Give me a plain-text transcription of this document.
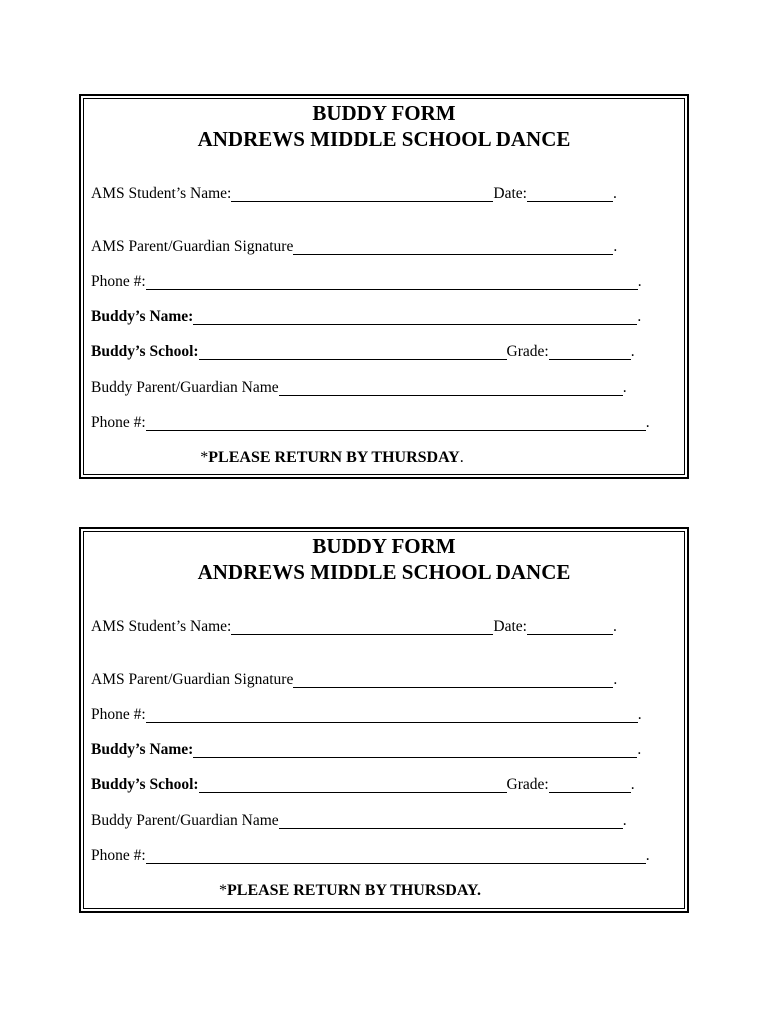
BUDDY FORM
ANDREWS MIDDLE SCHOOL DANCE
AMS Student’s Name:	Date:	.
AMS Parent/Guardian Signature	.
Phone #:	.
Buddy’s Name:	.
Buddy’s School:	Grade:	.
Buddy Parent/Guardian Name	.
Phone #:	.
*PLEASE RETURN BY THURSDAY.
BUDDY FORM
ANDREWS MIDDLE SCHOOL DANCE
AMS Student’s Name:	Date:	.
AMS Parent/Guardian Signature	.
Phone #:	.
Buddy’s Name:	.
Buddy’s School:	Grade:	.
Buddy Parent/Guardian Name	.
Phone #:	.
*PLEASE RETURN BY THURSDAY.
